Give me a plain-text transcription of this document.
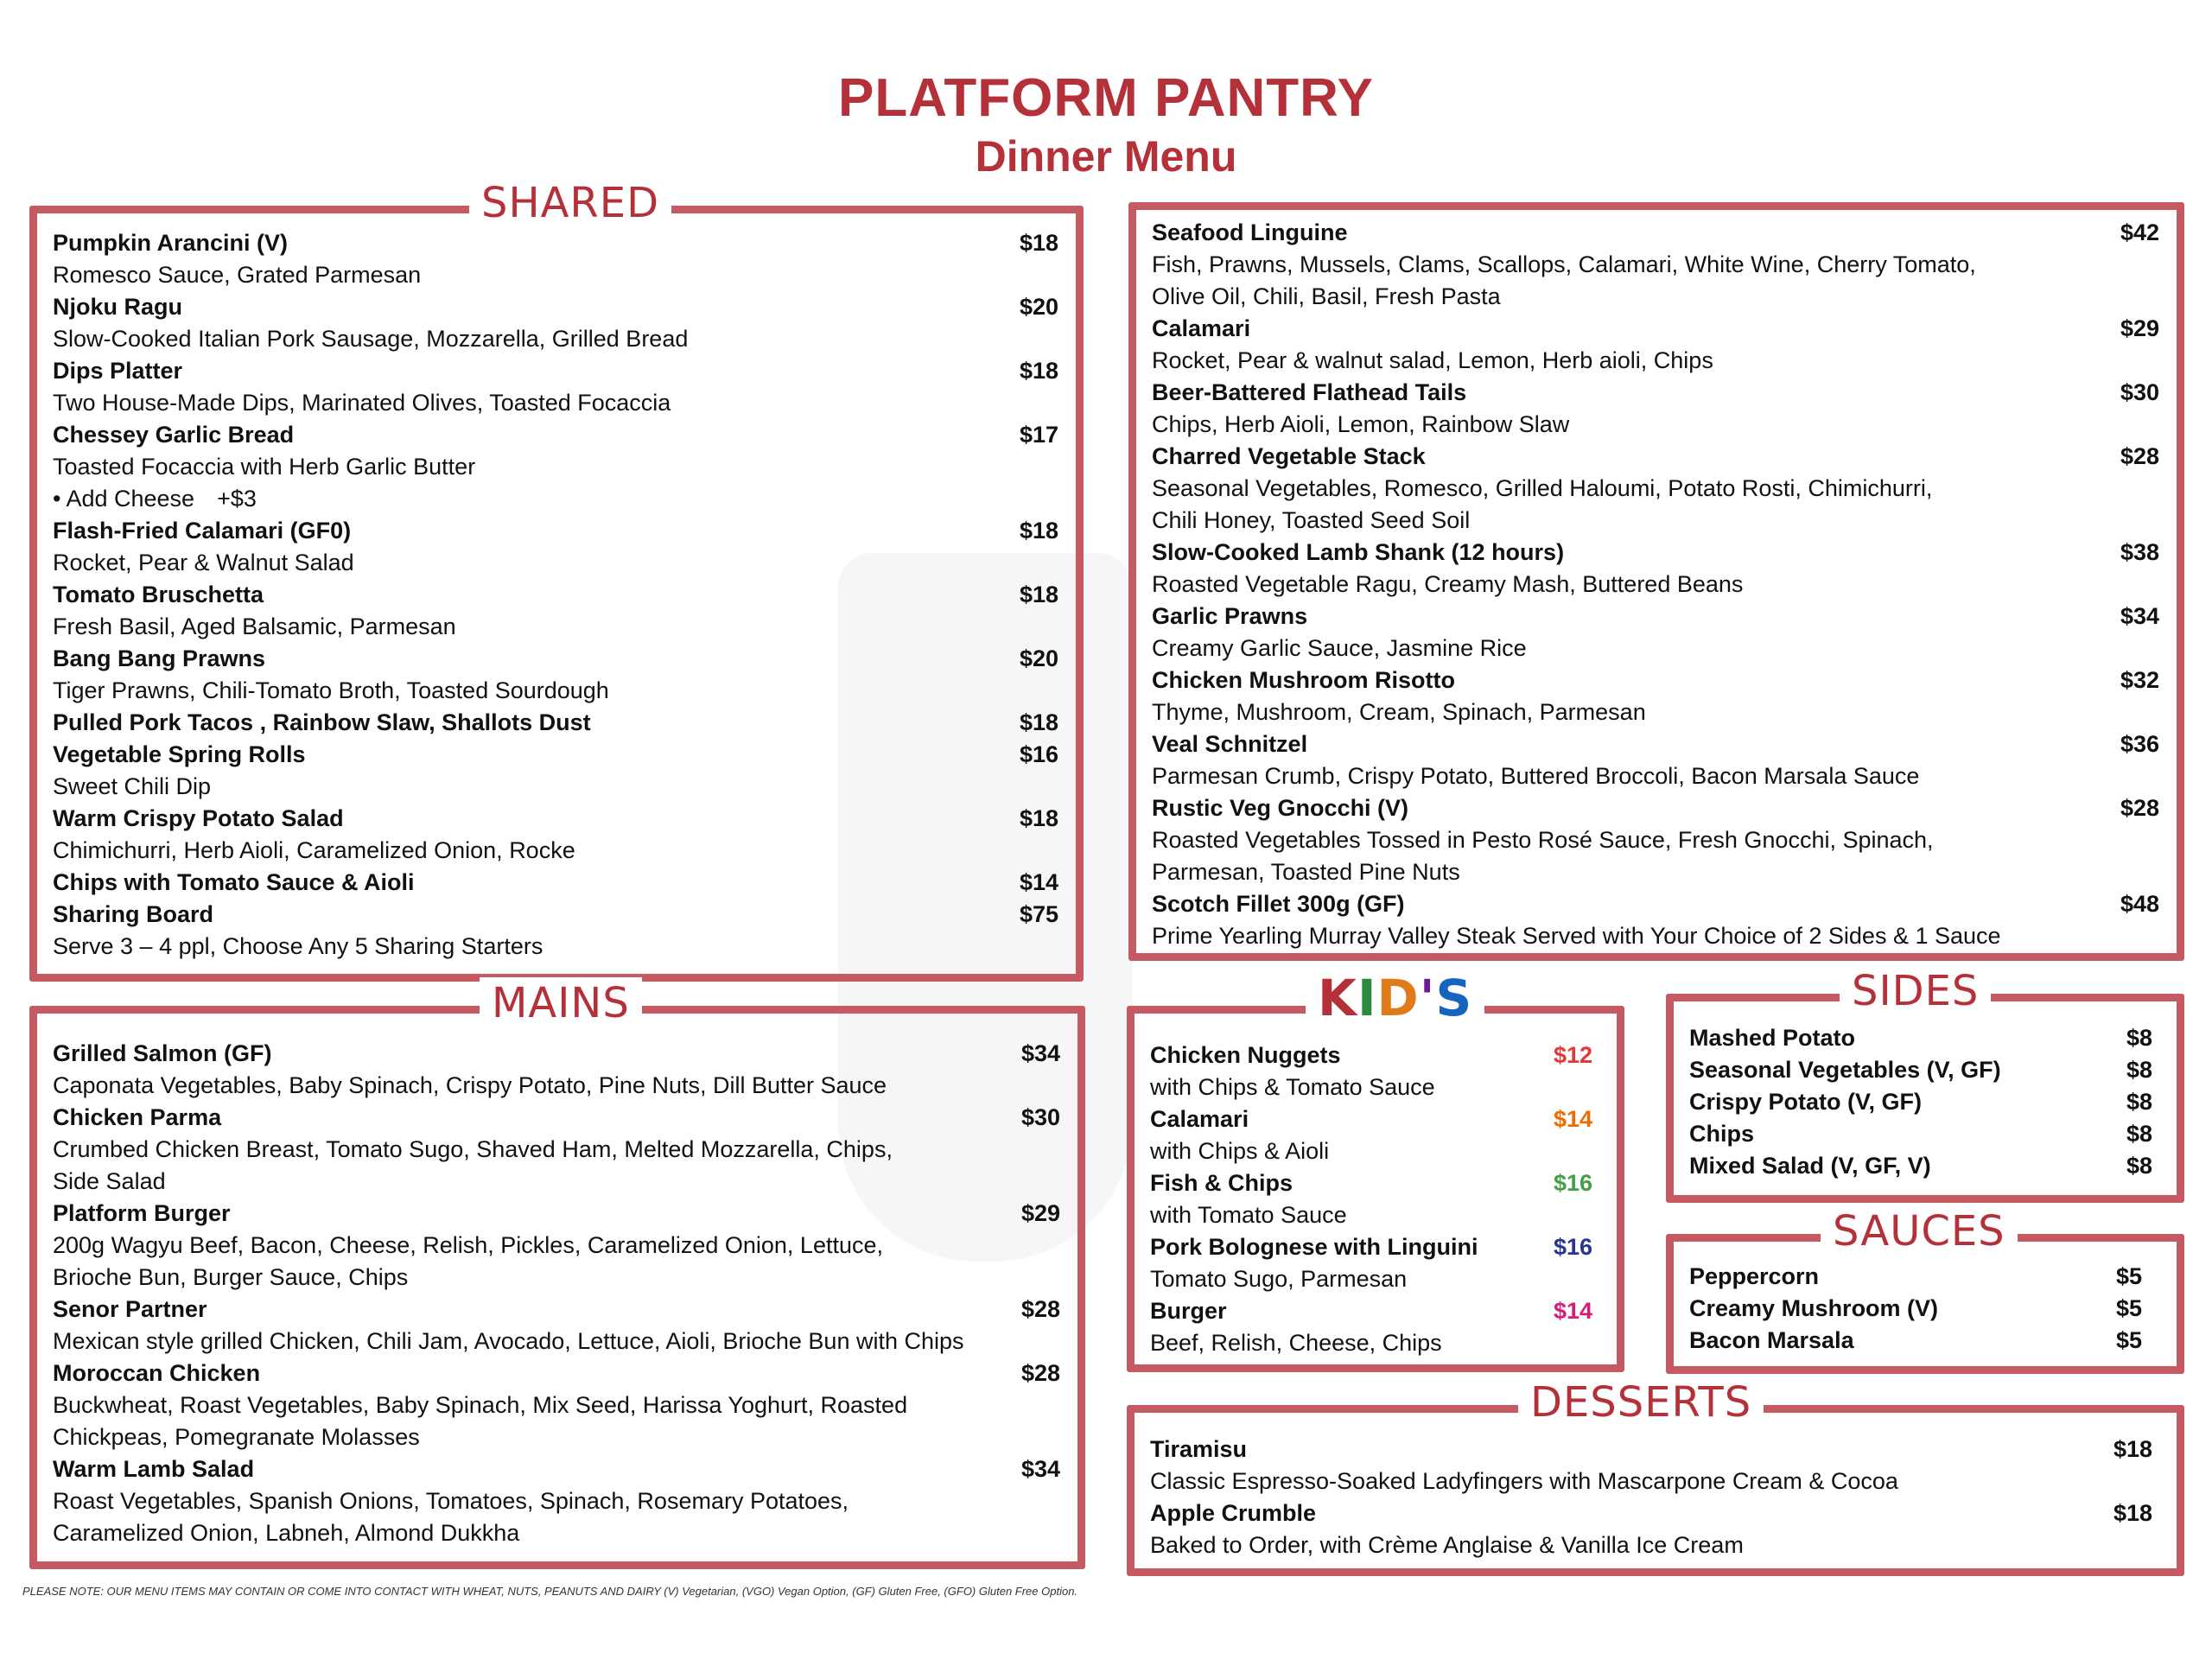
PLATFORM PANTRY
Dinner Menu
SHARED
Pumpkin Arancini (V)	$18
Romesco Sauce, Grated Parmesan
Njoku Ragu	$20
Slow-Cooked Italian Pork Sausage, Mozzarella, Grilled Bread
Dips Platter	$18
Two House-Made Dips, Marinated Olives, Toasted Focaccia
Chessey Garlic Bread	$17
Toasted Focaccia with Herb Garlic Butter
• Add Cheese +$3
Flash-Fried Calamari (GF0)	$18
Rocket, Pear & Walnut Salad
Tomato Bruschetta	$18
Fresh Basil, Aged Balsamic, Parmesan
Bang Bang Prawns	$20
Tiger Prawns, Chili-Tomato Broth, Toasted Sourdough
Pulled Pork Tacos , Rainbow Slaw, Shallots Dust	$18
Vegetable Spring Rolls	$16
Sweet Chili Dip
Warm Crispy Potato Salad	$18
Chimichurri, Herb Aioli, Caramelized Onion, Rocke
Chips with Tomato Sauce & Aioli	$14
Sharing Board	$75
Serve 3 – 4 ppl, Choose Any 5 Sharing Starters
Seafood Linguine	$42
Fish, Prawns, Mussels, Clams, Scallops, Calamari, White Wine, Cherry Tomato,
Olive Oil, Chili, Basil, Fresh Pasta
Calamari	$29
Rocket, Pear & walnut salad, Lemon, Herb aioli, Chips
Beer-Battered Flathead Tails	$30
Chips, Herb Aioli, Lemon, Rainbow Slaw
Charred Vegetable Stack	$28
Seasonal Vegetables, Romesco, Grilled Haloumi, Potato Rosti, Chimichurri,
Chili Honey, Toasted Seed Soil
Slow-Cooked Lamb Shank (12 hours)	$38
Roasted Vegetable Ragu, Creamy Mash, Buttered Beans
Garlic Prawns	$34
Creamy Garlic Sauce, Jasmine Rice
Chicken Mushroom Risotto	$32
Thyme, Mushroom, Cream, Spinach, Parmesan
Veal Schnitzel	$36
Parmesan Crumb, Crispy Potato, Buttered Broccoli, Bacon Marsala Sauce
Rustic Veg Gnocchi (V)	$28
Roasted Vegetables Tossed in Pesto Rosé Sauce, Fresh Gnocchi, Spinach,
Parmesan, Toasted Pine Nuts
Scotch Fillet 300g (GF)	$48
Prime Yearling Murray Valley Steak Served with Your Choice of 2 Sides & 1 Sauce
MAINS
Grilled Salmon (GF)	$34
Caponata Vegetables, Baby Spinach, Crispy Potato, Pine Nuts, Dill Butter Sauce
Chicken Parma	$30
Crumbed Chicken Breast, Tomato Sugo, Shaved Ham, Melted Mozzarella, Chips,
Side Salad
Platform Burger	$29
200g Wagyu Beef, Bacon, Cheese, Relish, Pickles, Caramelized Onion, Lettuce,
Brioche Bun, Burger Sauce, Chips
Senor Partner	$28
Mexican style grilled Chicken, Chili Jam, Avocado, Lettuce, Aioli, Brioche Bun with Chips
Moroccan Chicken	$28
Buckwheat, Roast Vegetables, Baby Spinach, Mix Seed, Harissa Yoghurt, Roasted
Chickpeas, Pomegranate Molasses
Warm Lamb Salad	$34
Roast Vegetables, Spanish Onions, Tomatoes, Spinach, Rosemary Potatoes,
Caramelized Onion, Labneh, Almond Dukkha
KID'S
Chicken Nuggets	$12
with Chips & Tomato Sauce
Calamari	$14
with Chips & Aioli
Fish & Chips	$16
with Tomato Sauce
Pork Bolognese with Linguini	$16
Tomato Sugo, Parmesan
Burger	$14
Beef, Relish, Cheese, Chips
SIDES
Mashed Potato	$8
Seasonal Vegetables (V, GF)	$8
Crispy Potato (V, GF)	$8
Chips	$8
Mixed Salad (V, GF, V)	$8
SAUCES
Peppercorn	$5
Creamy Mushroom (V)	$5
Bacon Marsala	$5
DESSERTS
Tiramisu	$18
Classic Espresso-Soaked Ladyfingers with Mascarpone Cream & Cocoa
Apple Crumble	$18
Baked to Order, with Crème Anglaise & Vanilla Ice Cream
PLEASE NOTE: OUR MENU ITEMS MAY CONTAIN OR COME INTO CONTACT WITH WHEAT, NUTS, PEANUTS AND DAIRY (V) Vegetarian, (VGO) Vegan Option, (GF) Gluten Free, (GFO) Gluten Free Option.
